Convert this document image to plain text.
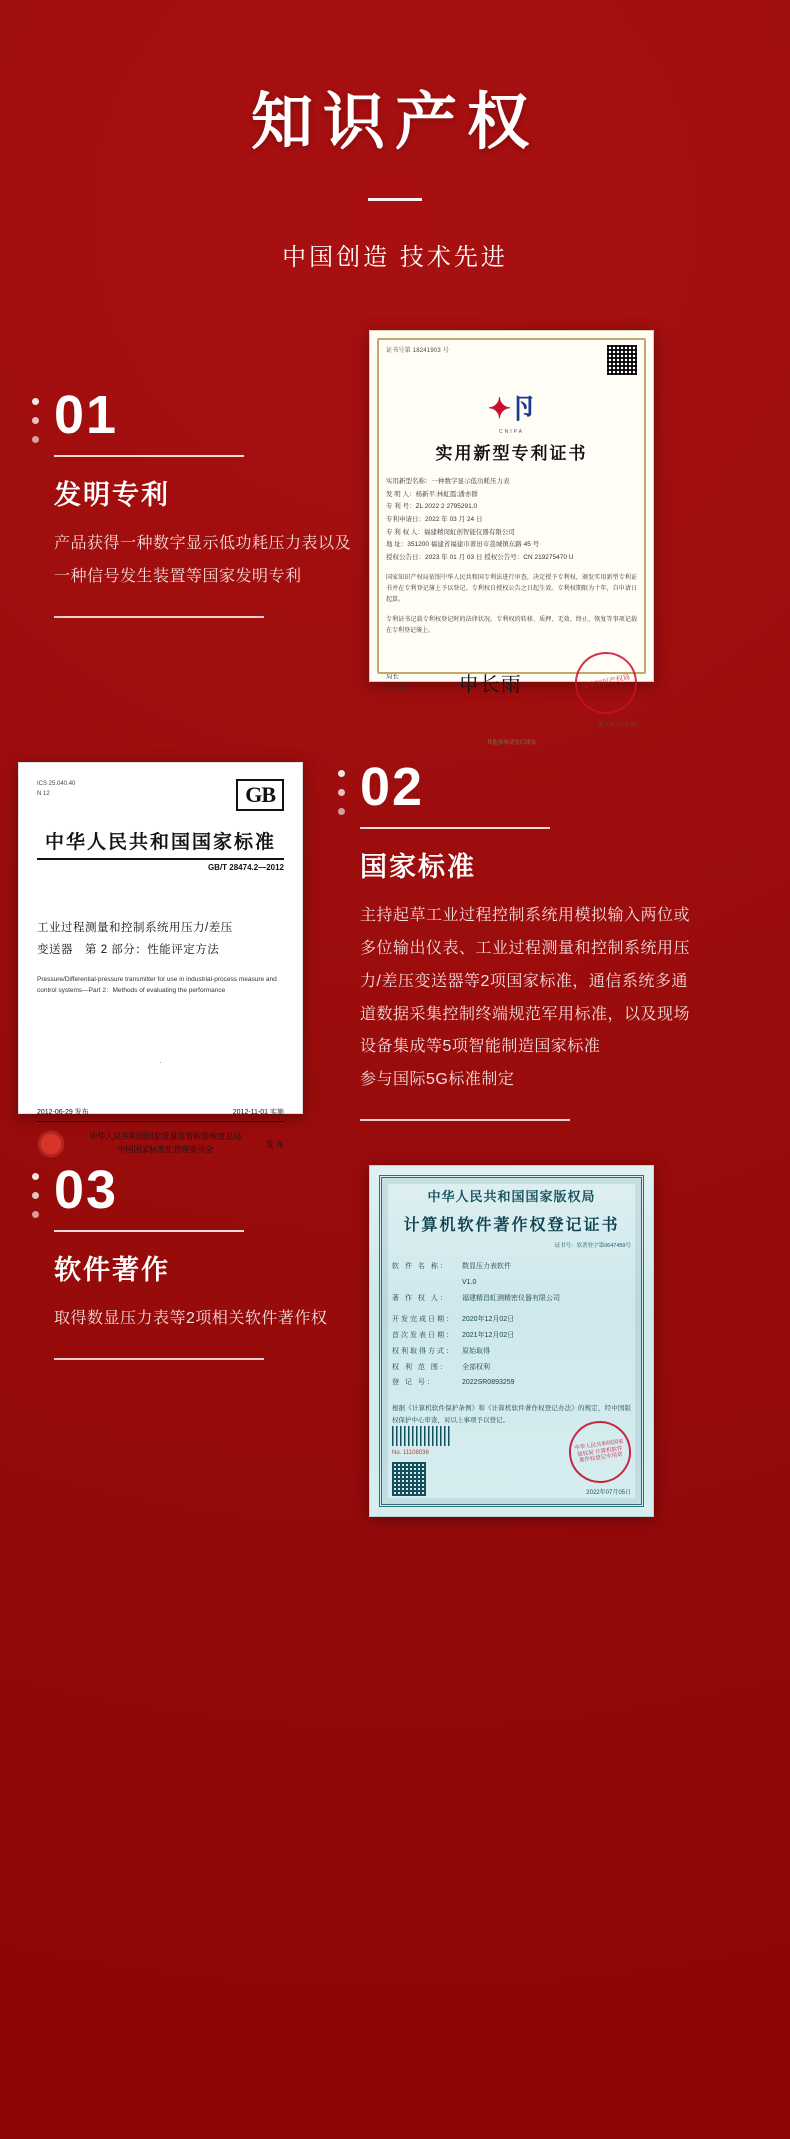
知识产权

中国创造 技术先进

01
发明专利
产品获得一种数字显示低功耗压力表以及一种信号发生装置等国家发明专利
证书号第 18241903 号
✦卪
CNIPA
实用新型专利证书
实用新型名称：一种数字显示低功耗压力表
发 明 人：杨新平;林虹霞;潘亦群
专 利 号：ZL 2022 2 2795291.0
专利申请日：2022 年 03 月 24 日
专 利 权 人：福建精闵虹创智能仪器有限公司
地 址：351200 福建省福建市莆田市荔城镇东路 45 号
授权公告日：2023 年 01 月 03 日 授权公告号：CN 219275470 U
国家知识产权局依照中华人民共和国专利法进行审查，决定授予专利权，颁发实用新型专利证书并在专利登记簿上予以登记。专利权自授权公告之日起生效。专利权期限为十年，自申请日起算。
专利证书记载专利权登记时的法律状况。专利权的转移、质押、无效、终止、恢复等事项记载在专利登记簿上。
局长
申长雨	申长雨	国家知识产权局
第 1 页 (共 1 页)
其他事项请见后续页
ICS 25.040.40
N 12	GB
中华人民共和国国家标准
GB/T 28474.2—2012
工业过程测量和控制系统用压力/差压
变送器　第 2 部分：性能评定方法
Pressure/Differential-pressure transmitter for use in industrial-process measure and control systems—Part 2：Methods of evaluating the performance
·
2012-06-29 发布	2012-11-01 实施
中华人民共和国国家质量监督检验检疫总局
中国国家标准化管理委员会
发 布
02
国家标准
主持起草工业过程控制系统用模拟输入两位或多位输出仪表、工业过程测量和控制系统用压力/差压变送器等2项国家标准，通信系统多通道数据采集控制终端规范军用标准，以及现场设备集成等5项智能制造国家标准
参与国际5G标准制定
03
软件著作
取得数显压力表等2项相关软件著作权
中华人民共和国国家版权局
计算机软件著作权登记证书
证书号：软著登字第0647459号
软 件 名 称： 数显压力表软件
V1.0
著 作 权 人： 福建精昌虹测精密仪器有限公司
开发完成日期： 2020年12月02日
首次发表日期： 2021年12月02日
权利取得方式： 原始取得
权 利 范 围： 全部权利
登 记 号：	2022SR0893259
根据《计算机软件保护条例》和《计算机软件著作权登记办法》的规定，经中国版权保护中心审查，对以上事项予以登记。
No. 11108036
中华人民共和国国家版权局 计算机软件著作权登记专用章
2022年07月05日
